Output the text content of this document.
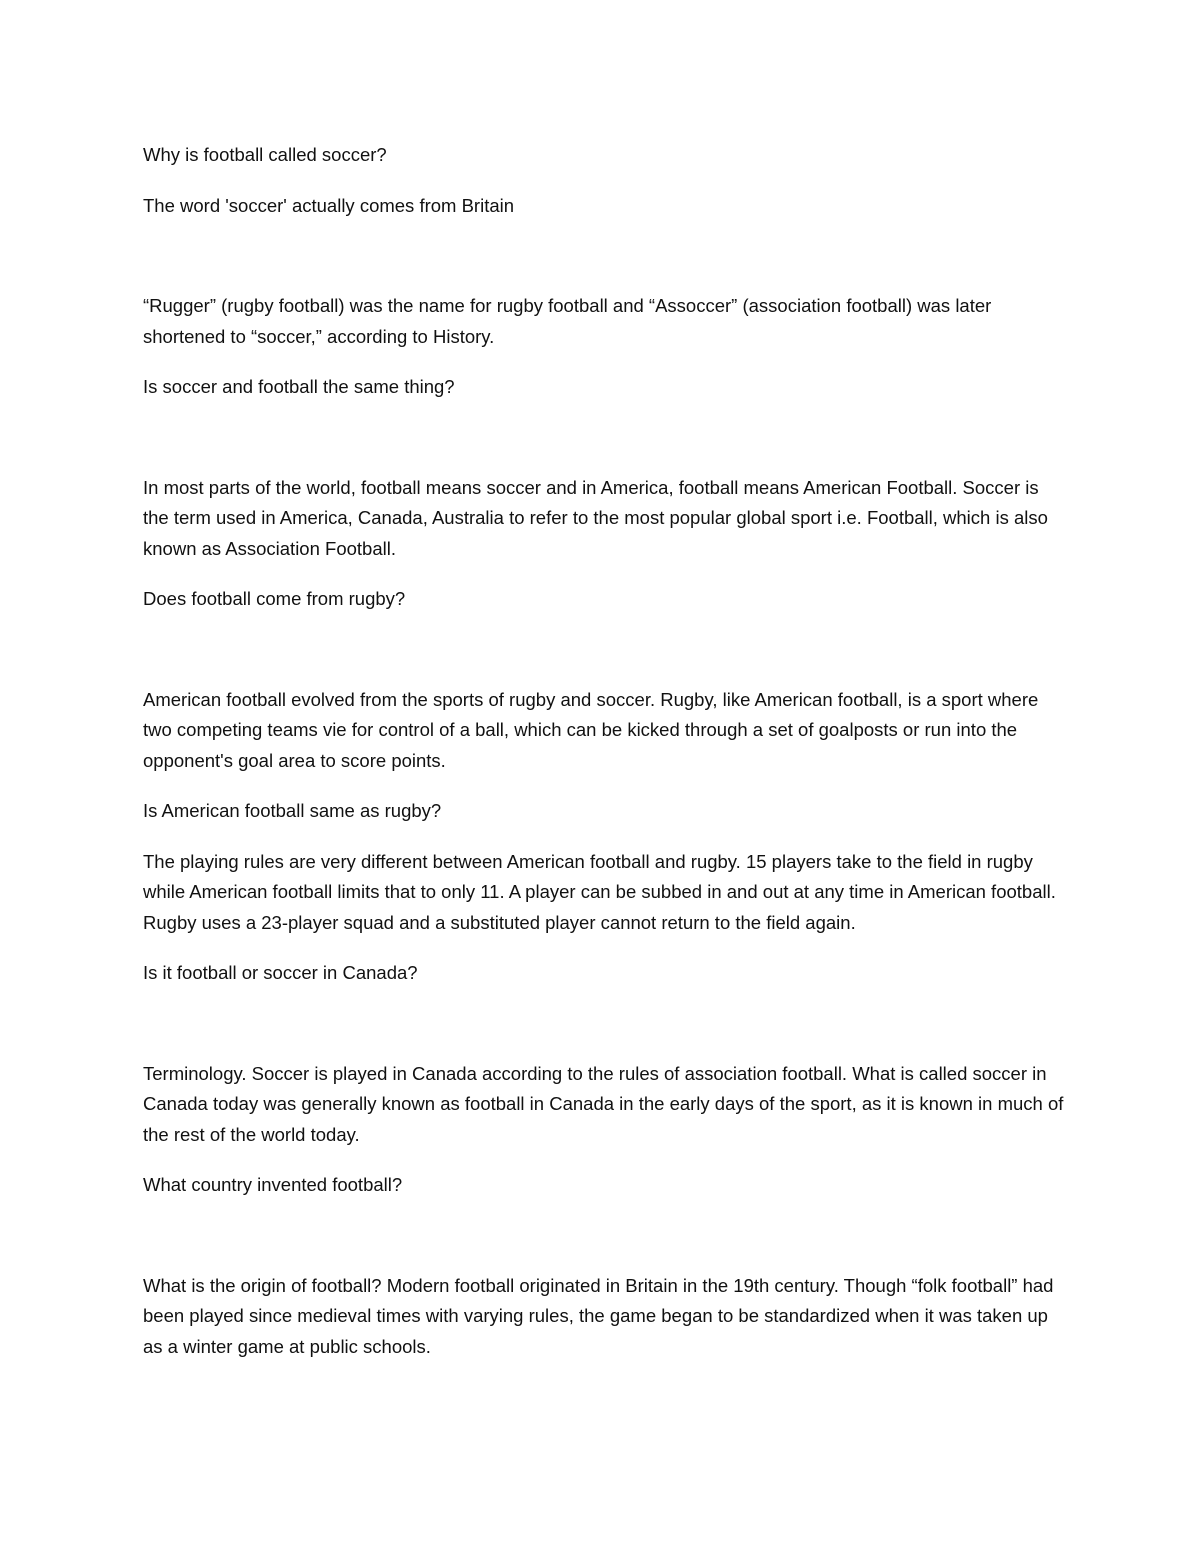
Why is football called soccer?

The word 'soccer' actually comes from Britain

“Rugger” (rugby football) was the name for rugby football and “Assoccer” (association football) was later shortened to “soccer,” according to History.

Is soccer and football the same thing?

In most parts of the world, football means soccer and in America, football means American Football. Soccer is the term used in America, Canada, Australia to refer to the most popular global sport i.e. Football, which is also known as Association Football.

Does football come from rugby?

American football evolved from the sports of rugby and soccer. Rugby, like American football, is a sport where two competing teams vie for control of a ball, which can be kicked through a set of goalposts or run into the opponent's goal area to score points.

Is American football same as rugby?

The playing rules are very different between American football and rugby. 15 players take to the field in rugby while American football limits that to only 11. A player can be subbed in and out at any time in American football. Rugby uses a 23-player squad and a substituted player cannot return to the field again.

Is it football or soccer in Canada?

Terminology. Soccer is played in Canada according to the rules of association football. What is called soccer in Canada today was generally known as football in Canada in the early days of the sport, as it is known in much of the rest of the world today.

What country invented football?

What is the origin of football? Modern football originated in Britain in the 19th century. Though “folk football” had been played since medieval times with varying rules, the game began to be standardized when it was taken up as a winter game at public schools.
